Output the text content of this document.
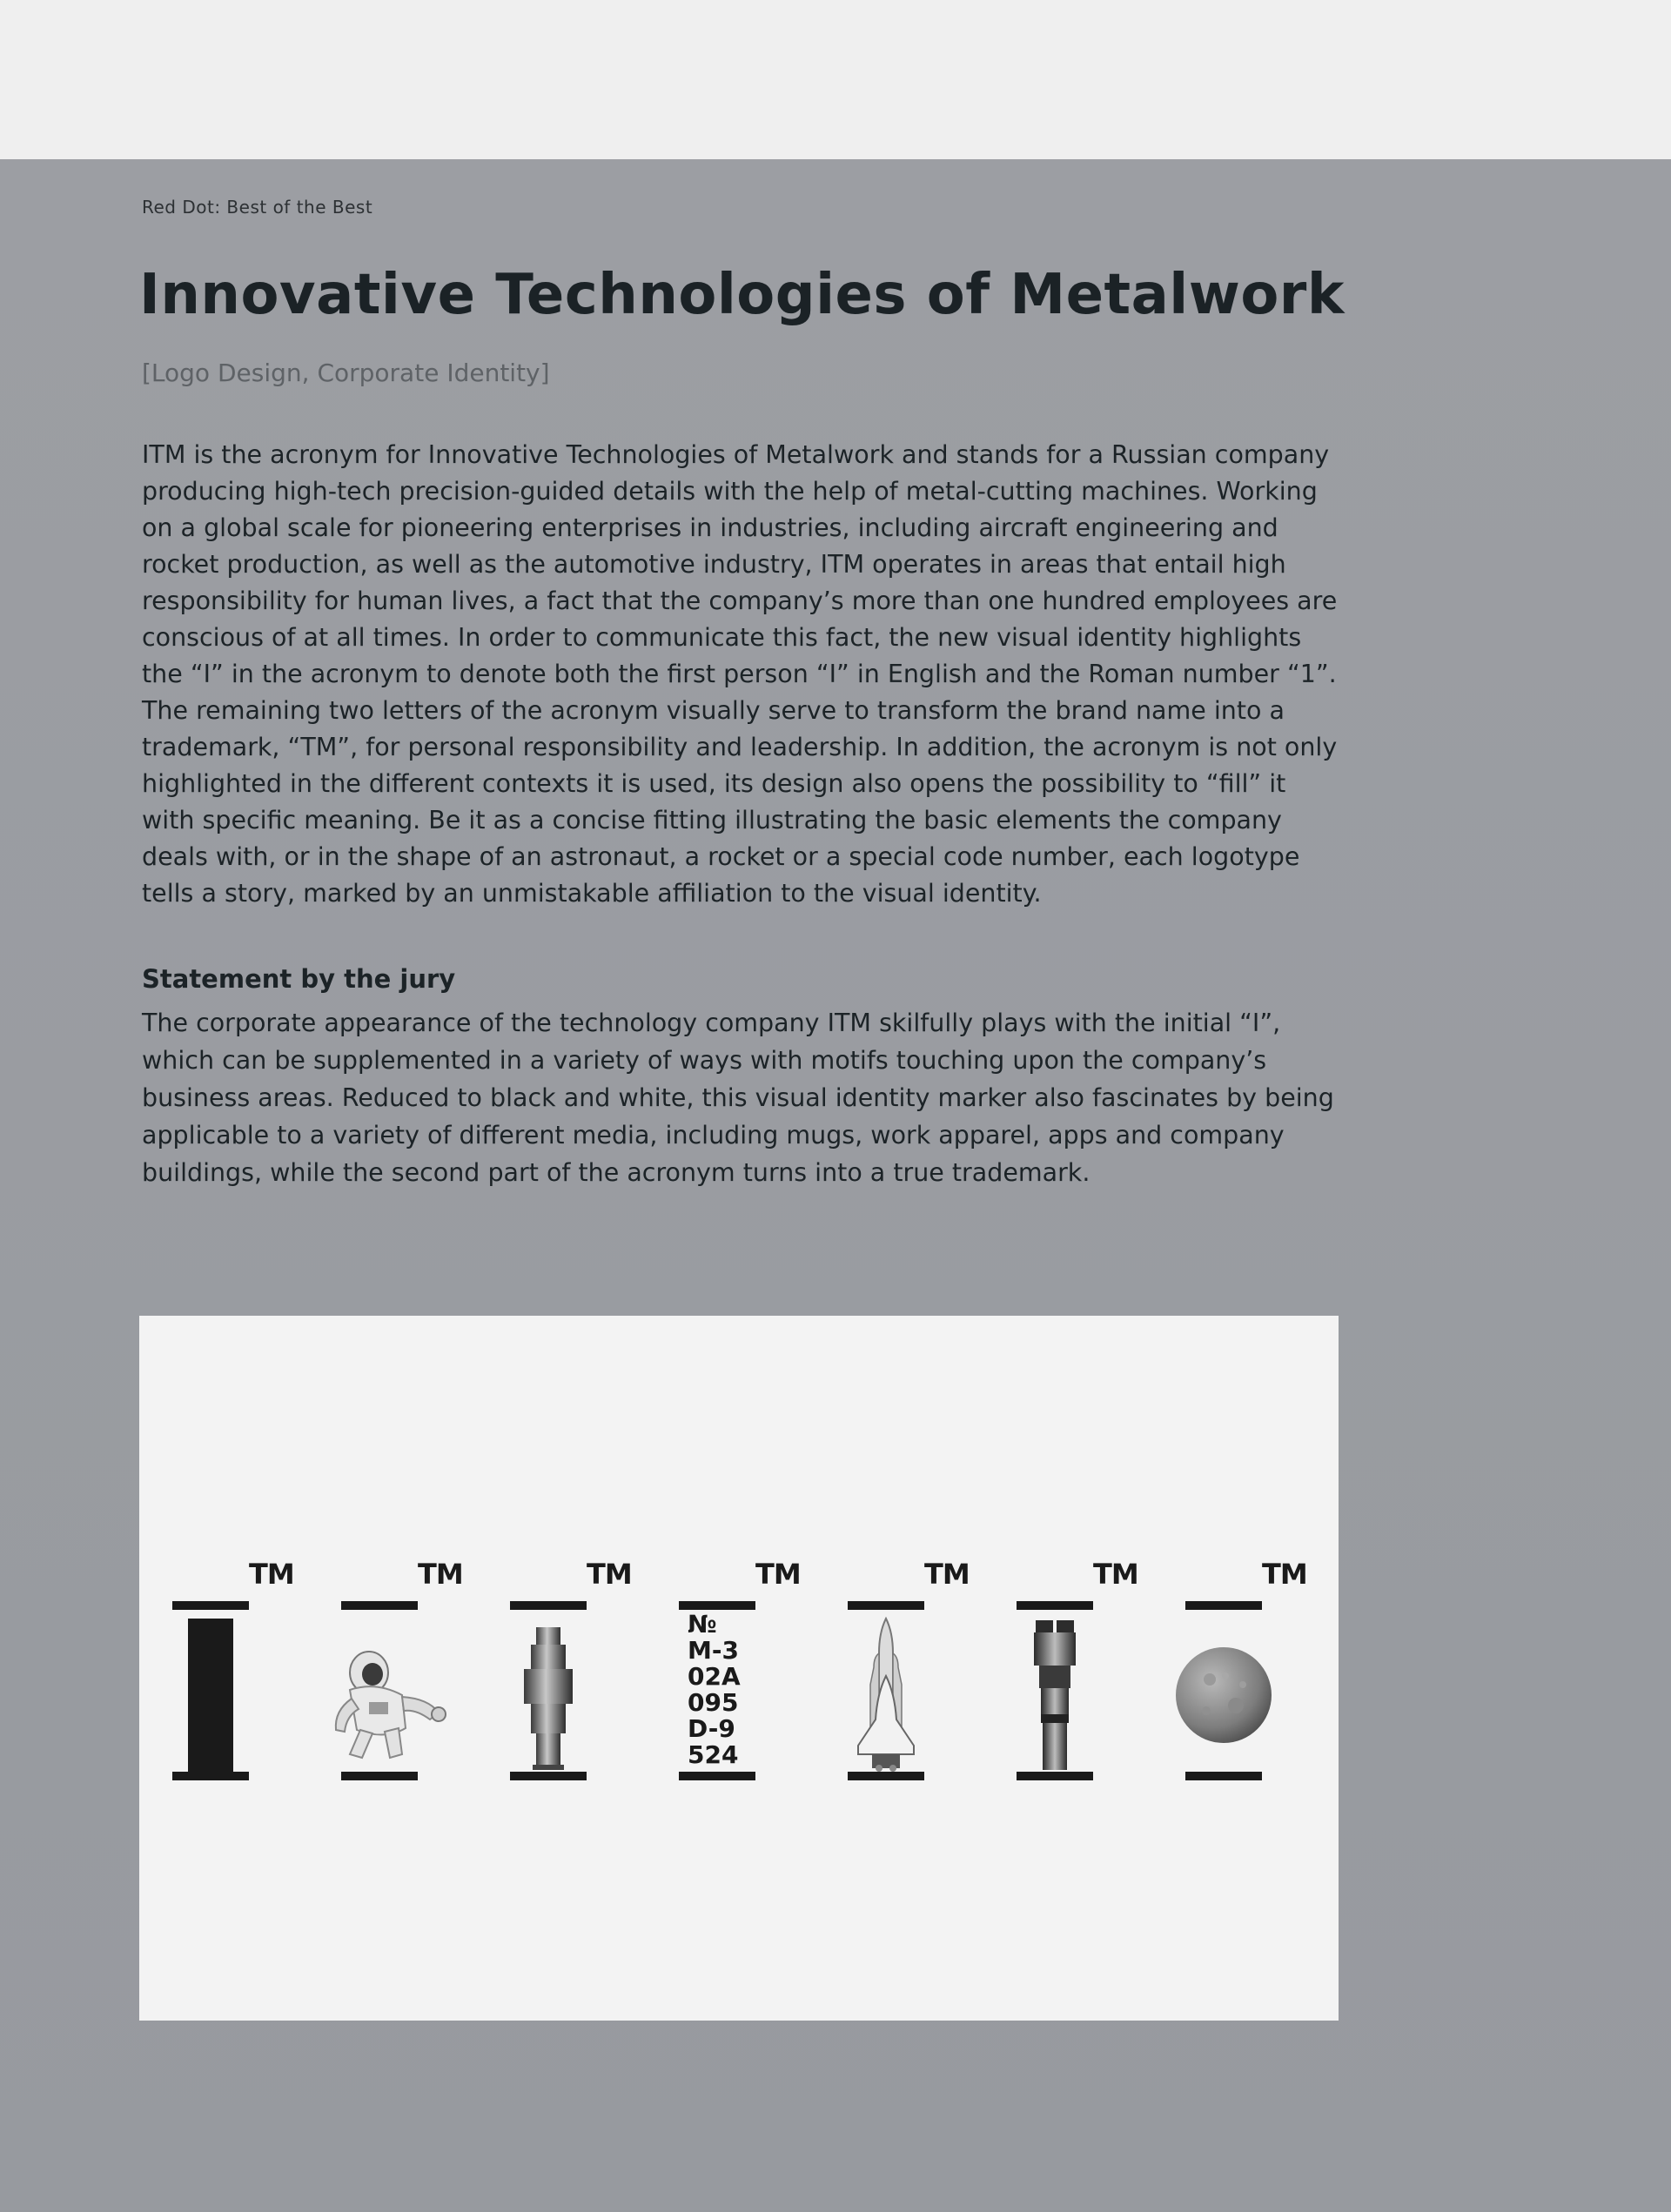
Red Dot: Best of the Best
Innovative Technologies of Metalwork
[Logo Design, Corporate Identity]

ITM is the acronym for Innovative Technologies of Metalwork and stands for a Russian company producing high-tech precision-guided details with the help of metal-cutting machines. Working on a global scale for pioneering enterprises in industries, including aircraft engineering and rocket production, as well as the automotive industry, ITM operates in areas that entail high responsibility for human lives, a fact that the company’s more than one hundred employees are conscious of at all times. In order to communicate this fact, the new visual identity highlights the “I” in the acronym to denote both the first person “I” in English and the Roman number “1”. The remaining two letters of the acronym visually serve to transform the brand name into a trademark, “TM”, for personal responsibility and leadership. In addition, the acronym is not only highlighted in the different contexts it is used, its design also opens the possibility to “fill” it with specific meaning. Be it as a concise fitting illustrating the basic elements the company deals with, or in the shape of an astronaut, a rocket or a special code number, each logotype tells a story, marked by an unmistakable affiliation to the visual identity.

Statement by the jury

The corporate appearance of the technology company ITM skilfully plays with the initial “I”, which can be supplemented in a variety of ways with motifs touching upon the company’s business areas. Reduced to black and white, this visual identity marker also fascinates by being applicable to a variety of different media, including mugs, work apparel, apps and company buildings, while the second part of the acronym turns into a true trademark.

TM	TM	TM	TM
№
M-3
02A
095
D-9
524
TM	TM	TM
